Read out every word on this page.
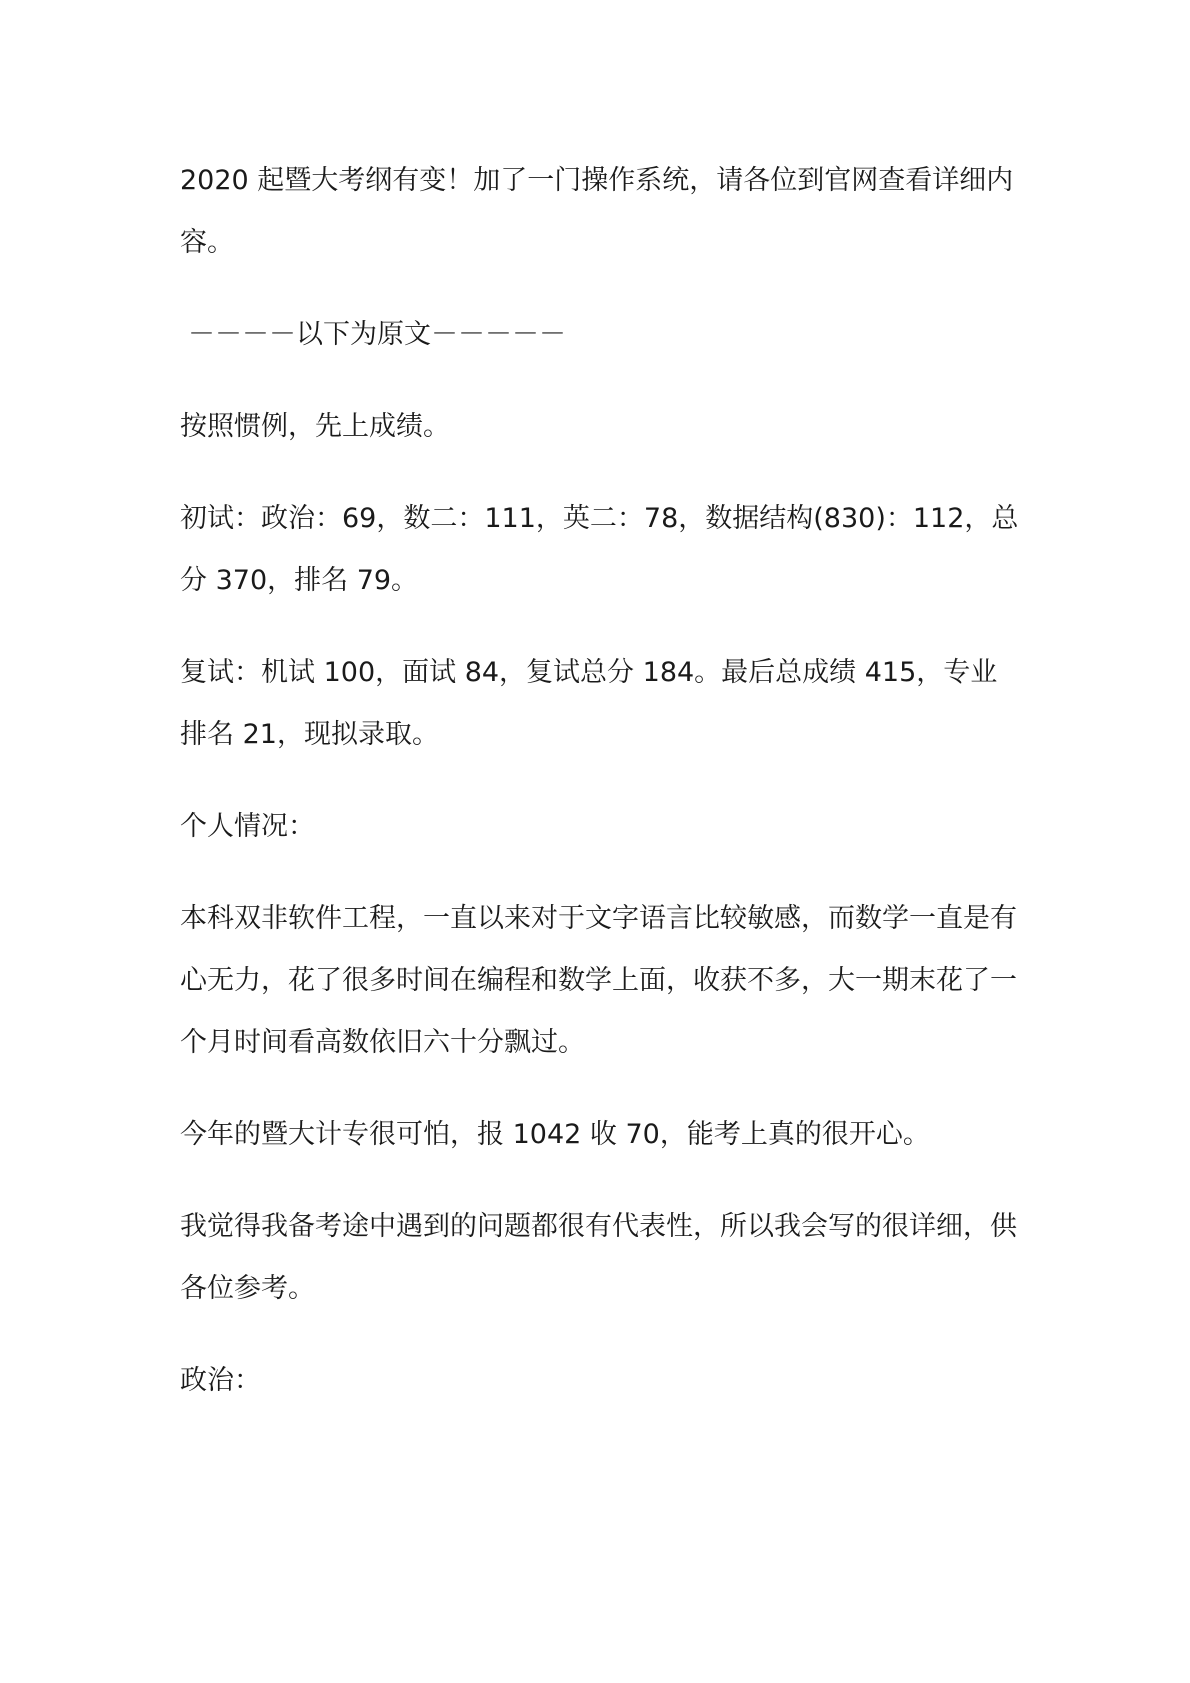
2020 起暨大考纲有变！加了一门操作系统，请各位到官网查看详细内容。

－－－－以下为原文－－－－－

按照惯例，先上成绩。

初试：政治：69，数二：111，英二：78，数据结构(830)：112，总分 370，排名 79。

复试：机试 100，面试 84，复试总分 184。最后总成绩 415，专业排名 21，现拟录取。

个人情况：

本科双非软件工程，一直以来对于文字语言比较敏感，而数学一直是有心无力，花了很多时间在编程和数学上面，收获不多，大一期末花了一个月时间看高数依旧六十分飘过。

今年的暨大计专很可怕，报 1042 收 70，能考上真的很开心。

我觉得我备考途中遇到的问题都很有代表性，所以我会写的很详细，供各位参考。

政治：
